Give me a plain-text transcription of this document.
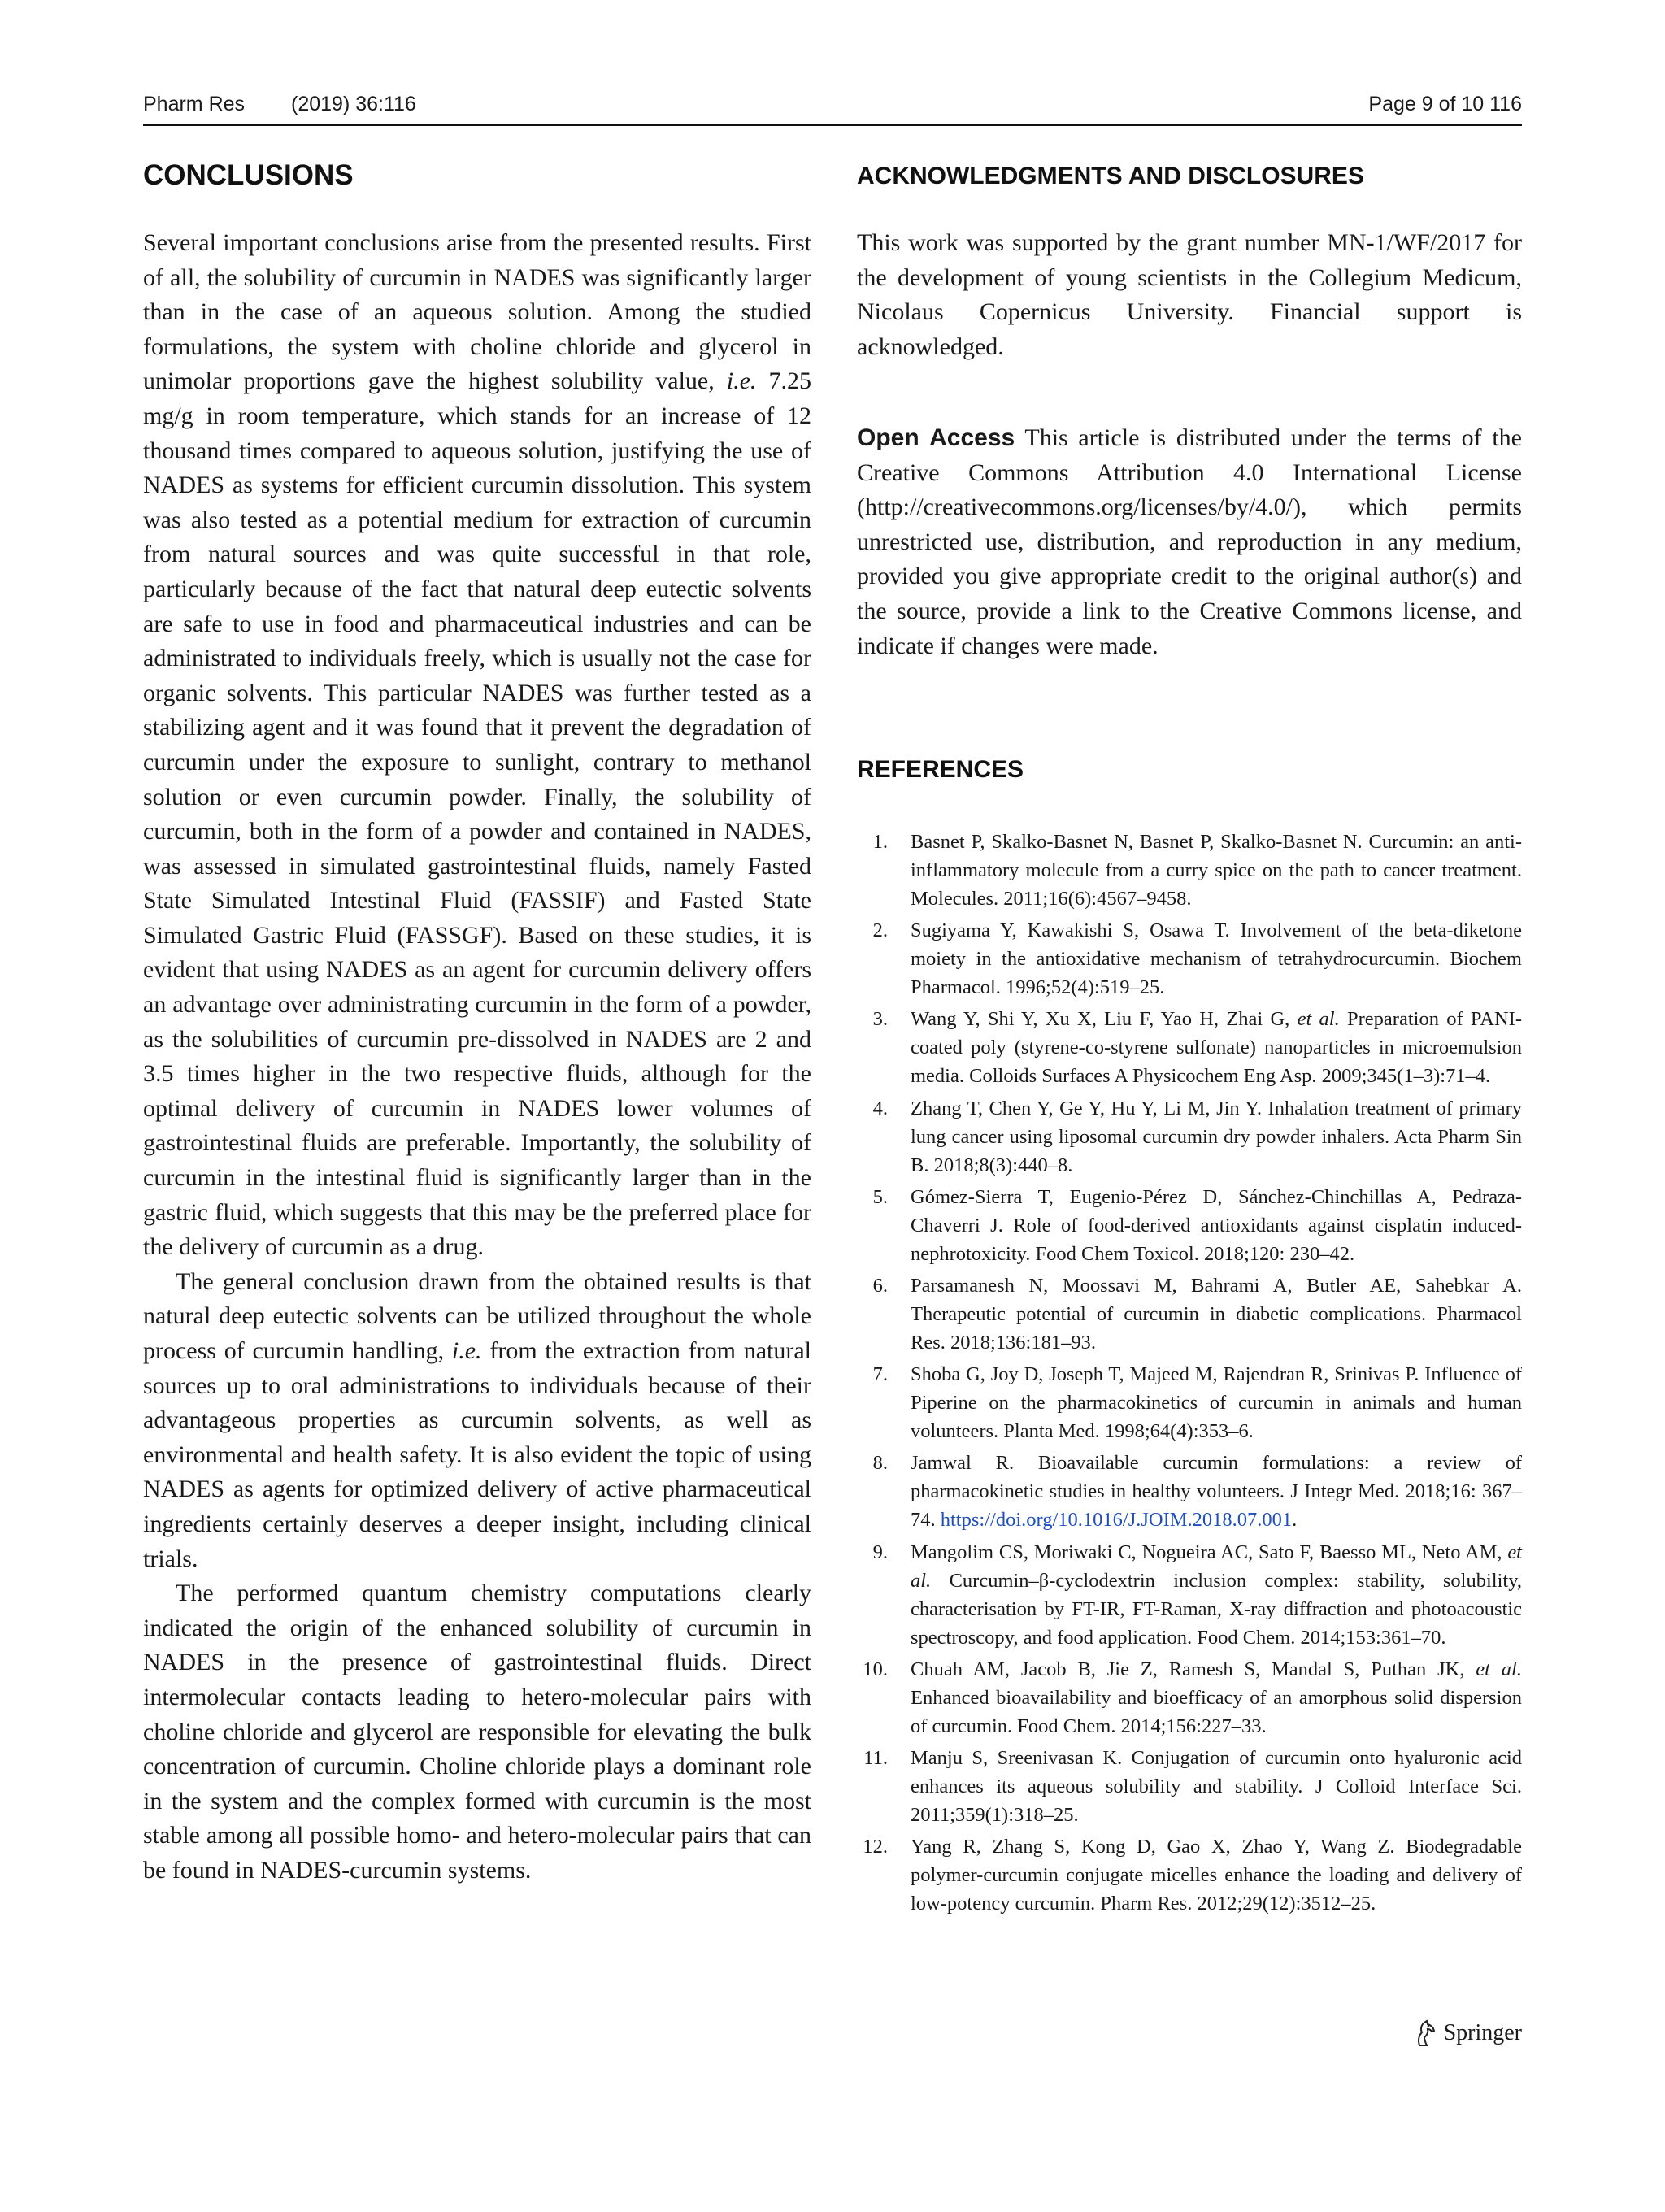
Pharm Res (2019) 36:116	Page 9 of 10 116
CONCLUSIONS

Several important conclusions arise from the presented results. First of all, the solubility of curcumin in NADES was significantly larger than in the case of an aqueous solution. Among the studied formulations, the system with choline chloride and glycerol in unimolar proportions gave the highest solubility value, i.e. 7.25 mg/g in room temperature, which stands for an increase of 12 thousand times compared to aqueous solution, justifying the use of NADES as systems for efficient curcumin dissolution. This system was also tested as a potential medium for extraction of curcumin from natural sources and was quite successful in that role, particularly because of the fact that natural deep eutectic solvents are safe to use in food and pharmaceutical industries and can be administrated to individuals freely, which is usually not the case for organic solvents. This particular NADES was further tested as a stabilizing agent and it was found that it prevent the degradation of curcumin under the exposure to sunlight, contrary to methanol solution or even curcumin powder. Finally, the solubility of curcumin, both in the form of a powder and contained in NADES, was assessed in simulated gastrointestinal fluids, namely Fasted State Simulated Intestinal Fluid (FASSIF) and Fasted State Simulated Gastric Fluid (FASSGF). Based on these studies, it is evident that using NADES as an agent for curcumin delivery offers an advantage over administrating curcumin in the form of a powder, as the solubilities of curcumin pre-dissolved in NADES are 2 and 3.5 times higher in the two respective fluids, although for the optimal delivery of curcumin in NADES lower volumes of gastrointestinal fluids are preferable. Importantly, the solubility of curcumin in the intestinal fluid is significantly larger than in the gastric fluid, which suggests that this may be the preferred place for the delivery of curcumin as a drug.

The general conclusion drawn from the obtained results is that natural deep eutectic solvents can be utilized throughout the whole process of curcumin handling, i.e. from the extraction from natural sources up to oral administrations to individuals because of their advantageous properties as curcumin solvents, as well as environmental and health safety. It is also evident the topic of using NADES as agents for optimized delivery of active pharmaceutical ingredients certainly deserves a deeper insight, including clinical trials.

The performed quantum chemistry computations clearly indicated the origin of the enhanced solubility of curcumin in NADES in the presence of gastrointestinal fluids. Direct intermolecular contacts leading to hetero-molecular pairs with choline chloride and glycerol are responsible for elevating the bulk concentration of curcumin. Choline chloride plays a dominant role in the system and the complex formed with curcumin is the most stable among all possible homo- and hetero-molecular pairs that can be found in NADES-curcumin systems.

ACKNOWLEDGMENTS AND DISCLOSURES

This work was supported by the grant number MN-1/WF/2017 for the development of young scientists in the Collegium Medicum, Nicolaus Copernicus University. Financial support is acknowledged.

Open Access This article is distributed under the terms of the Creative Commons Attribution 4.0 International License (http://creativecommons.org/licenses/by/4.0/), which permits unrestricted use, distribution, and reproduction in any medium, provided you give appropriate credit to the original author(s) and the source, provide a link to the Creative Commons license, and indicate if changes were made.

REFERENCES
1. Basnet P, Skalko-Basnet N, Basnet P, Skalko-Basnet N. Curcumin: an anti-inflammatory molecule from a curry spice on the path to cancer treatment. Molecules. 2011;16(6):4567–9458.
2. Sugiyama Y, Kawakishi S, Osawa T. Involvement of the beta-diketone moiety in the antioxidative mechanism of tetrahydrocurcumin. Biochem Pharmacol. 1996;52(4):519–25.
3. Wang Y, Shi Y, Xu X, Liu F, Yao H, Zhai G, et al. Preparation of PANI-coated poly (styrene-co-styrene sulfonate) nanoparticles in microemulsion media. Colloids Surfaces A Physicochem Eng Asp. 2009;345(1–3):71–4.
4. Zhang T, Chen Y, Ge Y, Hu Y, Li M, Jin Y. Inhalation treatment of primary lung cancer using liposomal curcumin dry powder inhalers. Acta Pharm Sin B. 2018;8(3):440–8.
5. Gómez-Sierra T, Eugenio-Pérez D, Sánchez-Chinchillas A, Pedraza-Chaverri J. Role of food-derived antioxidants against cisplatin induced-nephrotoxicity. Food Chem Toxicol. 2018;120: 230–42.
6. Parsamanesh N, Moossavi M, Bahrami A, Butler AE, Sahebkar A. Therapeutic potential of curcumin in diabetic complications. Pharmacol Res. 2018;136:181–93.
7. Shoba G, Joy D, Joseph T, Majeed M, Rajendran R, Srinivas P. Influence of Piperine on the pharmacokinetics of curcumin in animals and human volunteers. Planta Med. 1998;64(4):353–6.
8. Jamwal R. Bioavailable curcumin formulations: a review of pharmacokinetic studies in healthy volunteers. J Integr Med. 2018;16: 367–74. https://doi.org/10.1016/J.JOIM.2018.07.001.
9. Mangolim CS, Moriwaki C, Nogueira AC, Sato F, Baesso ML, Neto AM, et al. Curcumin–β-cyclodextrin inclusion complex: stability, solubility, characterisation by FT-IR, FT-Raman, X-ray diffraction and photoacoustic spectroscopy, and food application. Food Chem. 2014;153:361–70.
10. Chuah AM, Jacob B, Jie Z, Ramesh S, Mandal S, Puthan JK, et al. Enhanced bioavailability and bioefficacy of an amorphous solid dispersion of curcumin. Food Chem. 2014;156:227–33.
11. Manju S, Sreenivasan K. Conjugation of curcumin onto hyaluronic acid enhances its aqueous solubility and stability. J Colloid Interface Sci. 2011;359(1):318–25.
12. Yang R, Zhang S, Kong D, Gao X, Zhao Y, Wang Z. Biodegradable polymer-curcumin conjugate micelles enhance the loading and delivery of low-potency curcumin. Pharm Res. 2012;29(12):3512–25.
Springer
